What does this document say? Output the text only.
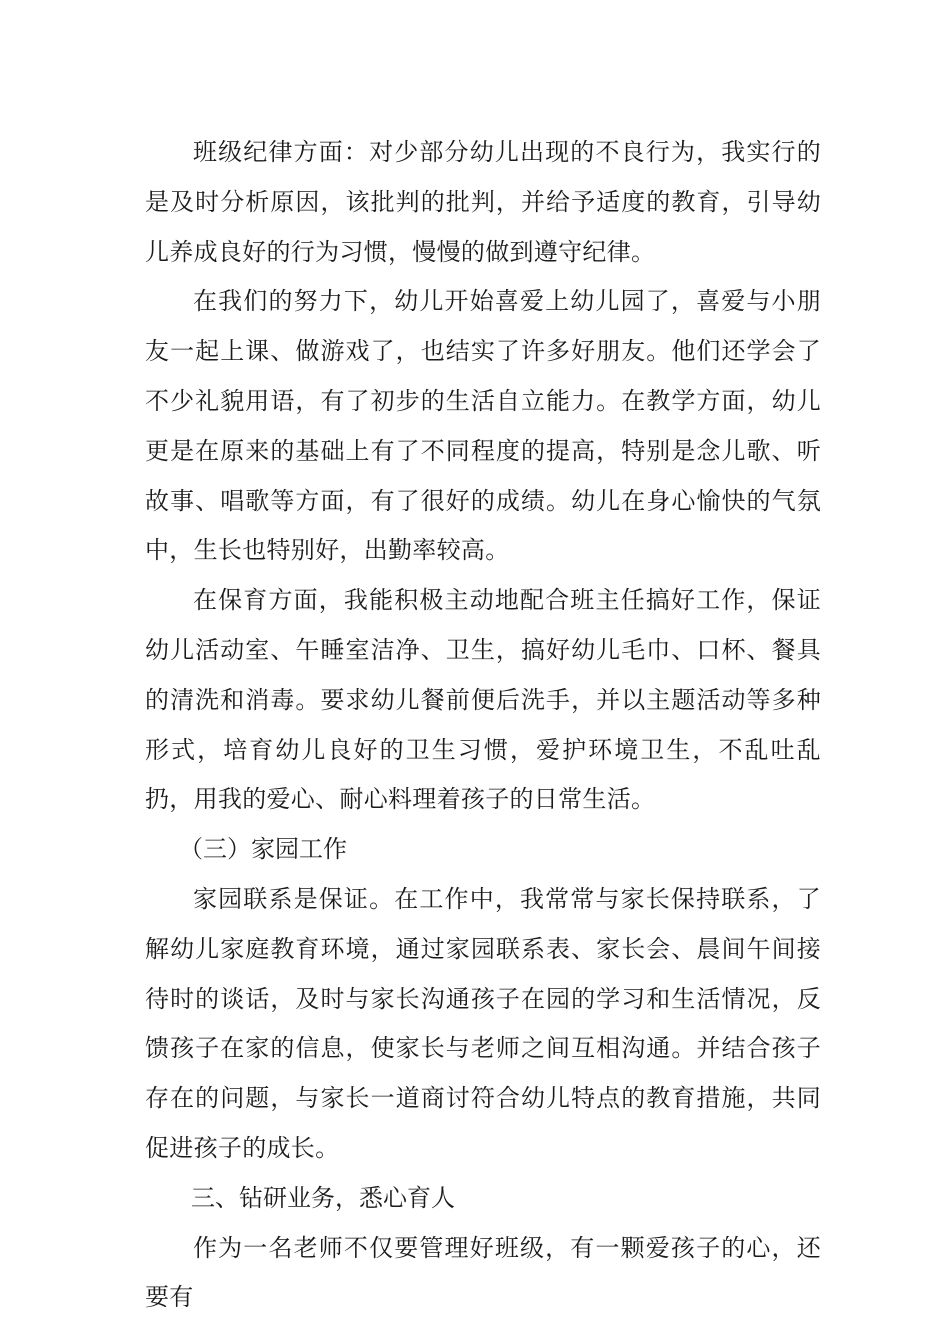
班级纪律方面：对少部分幼儿出现的不良行为，我实行的是及时分析原因，该批判的批判，并给予适度的教育，引导幼儿养成良好的行为习惯，慢慢的做到遵守纪律。

在我们的努力下，幼儿开始喜爱上幼儿园了，喜爱与小朋友一起上课、做游戏了，也结实了许多好朋友。他们还学会了不少礼貌用语，有了初步的生活自立能力。在教学方面，幼儿更是在原来的基础上有了不同程度的提高，特别是念儿歌、听故事、唱歌等方面，有了很好的成绩。幼儿在身心愉快的气氛中，生长也特别好，出勤率较高。

在保育方面，我能积极主动地配合班主任搞好工作，保证幼儿活动室、午睡室洁净、卫生，搞好幼儿毛巾、口杯、餐具的清洗和消毒。要求幼儿餐前便后洗手，并以主题活动等多种形式，培育幼儿良好的卫生习惯，爱护环境卫生，不乱吐乱扔，用我的爱心、耐心料理着孩子的日常生活。

（三）家园工作

家园联系是保证。在工作中，我常常与家长保持联系，了解幼儿家庭教育环境，通过家园联系表、家长会、晨间午间接待时的谈话，及时与家长沟通孩子在园的学习和生活情况，反馈孩子在家的信息，使家长与老师之间互相沟通。并结合孩子存在的问题，与家长一道商讨符合幼儿特点的教育措施，共同促进孩子的成长。

三、钻研业务，悉心育人

作为一名老师不仅要管理好班级，有一颗爱孩子的心，还要有
